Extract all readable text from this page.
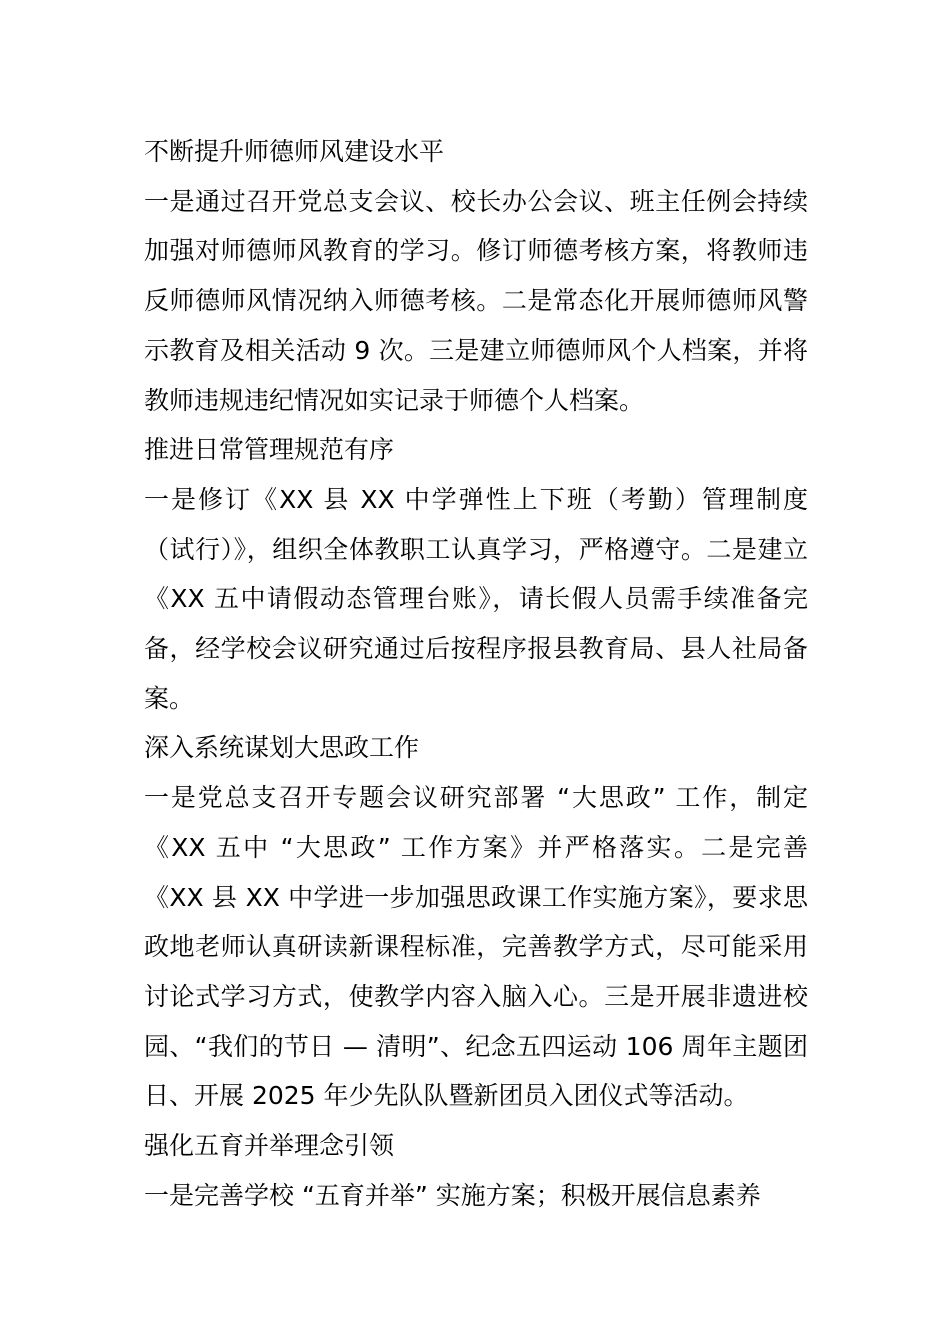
不断提升师德师风建设水平

一是通过召开党总支会议、校长办公会议、班主任例会持续加强对师德师风教育的学习。修订师德考核方案，将教师违反师德师风情况纳入师德考核。二是常态化开展师德师风警示教育及相关活动 9 次。三是建立师德师风个人档案，并将教师违规违纪情况如实记录于师德个人档案。

推进日常管理规范有序

一是修订《XX 县 XX 中学弹性上下班（考勤）管理制度（试行）》，组织全体教职工认真学习，严格遵守。二是建立《XX 五中请假动态管理台账》，请长假人员需手续准备完备，经学校会议研究通过后按程序报县教育局、县人社局备案。

深入系统谋划大思政工作

一是党总支召开专题会议研究部署 “大思政” 工作，制定《XX 五中 “大思政” 工作方案》并严格落实。二是完善《XX 县 XX 中学进一步加强思政课工作实施方案》，要求思政地老师认真研读新课程标准，完善教学方式，尽可能采用讨论式学习方式，使教学内容入脑入心。三是开展非遗进校园、“我们的节日 — 清明”、纪念五四运动 106 周年主题团日、开展 2025 年少先队队暨新团员入团仪式等活动。

强化五育并举理念引领

一是完善学校 “五育并举” 实施方案；积极开展信息素养
